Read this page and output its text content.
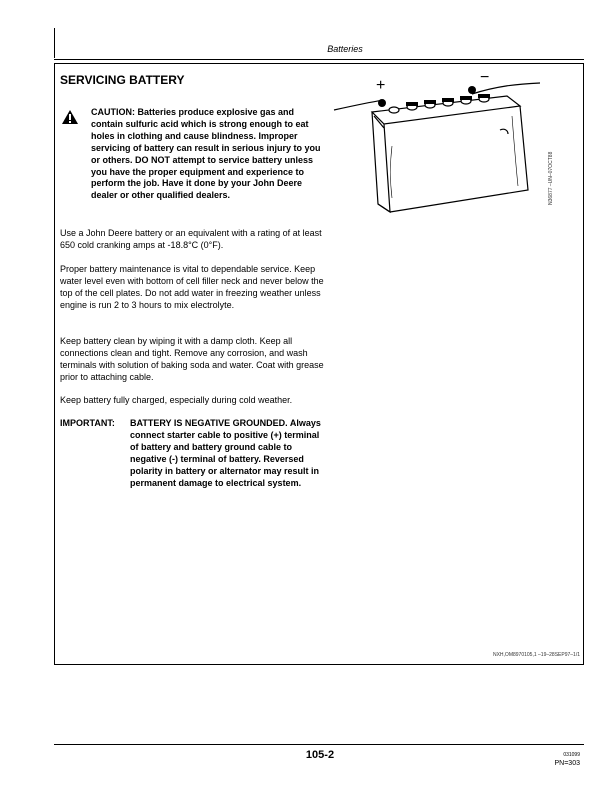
Batteries
SERVICING BATTERY
CAUTION: Batteries produce explosive gas and contain sulfuric acid which is strong enough to eat holes in clothing and cause blindness. Improper servicing of battery can result in serious injury to you or others. DO NOT attempt to service battery unless you have the proper equipment and experience to perform the job. Have it done by your John Deere dealer or other qualified dealers.
Use a John Deere battery or an equivalent with a rating of at least 650 cold cranking amps at -18.8°C (0°F).
Proper battery maintenance is vital to dependable service. Keep water level even with bottom of cell filler neck and never below the top of the cell plates. Do not add water in freezing weather unless engine is run 2 to 3 hours to mix electrolyte.
Keep battery clean by wiping it with a damp cloth. Keep all connections clean and tight. Remove any corrosion, and wash terminals with solution of baking soda and water. Coat with grease prior to attaching cable.
Keep battery fully charged, especially during cold weather.
IMPORTANT: BATTERY IS NEGATIVE GROUNDED. Always connect starter cable to positive (+) terminal of battery and battery ground cable to negative (-) terminal of battery. Reversed polarity in battery or alternator may result in permanent damage to electrical system.
+	−
N36877 –UN–07OCT88
NXH,OM8970105,1 –19–28SEP97–1/1
105-2	031099
PN=303
